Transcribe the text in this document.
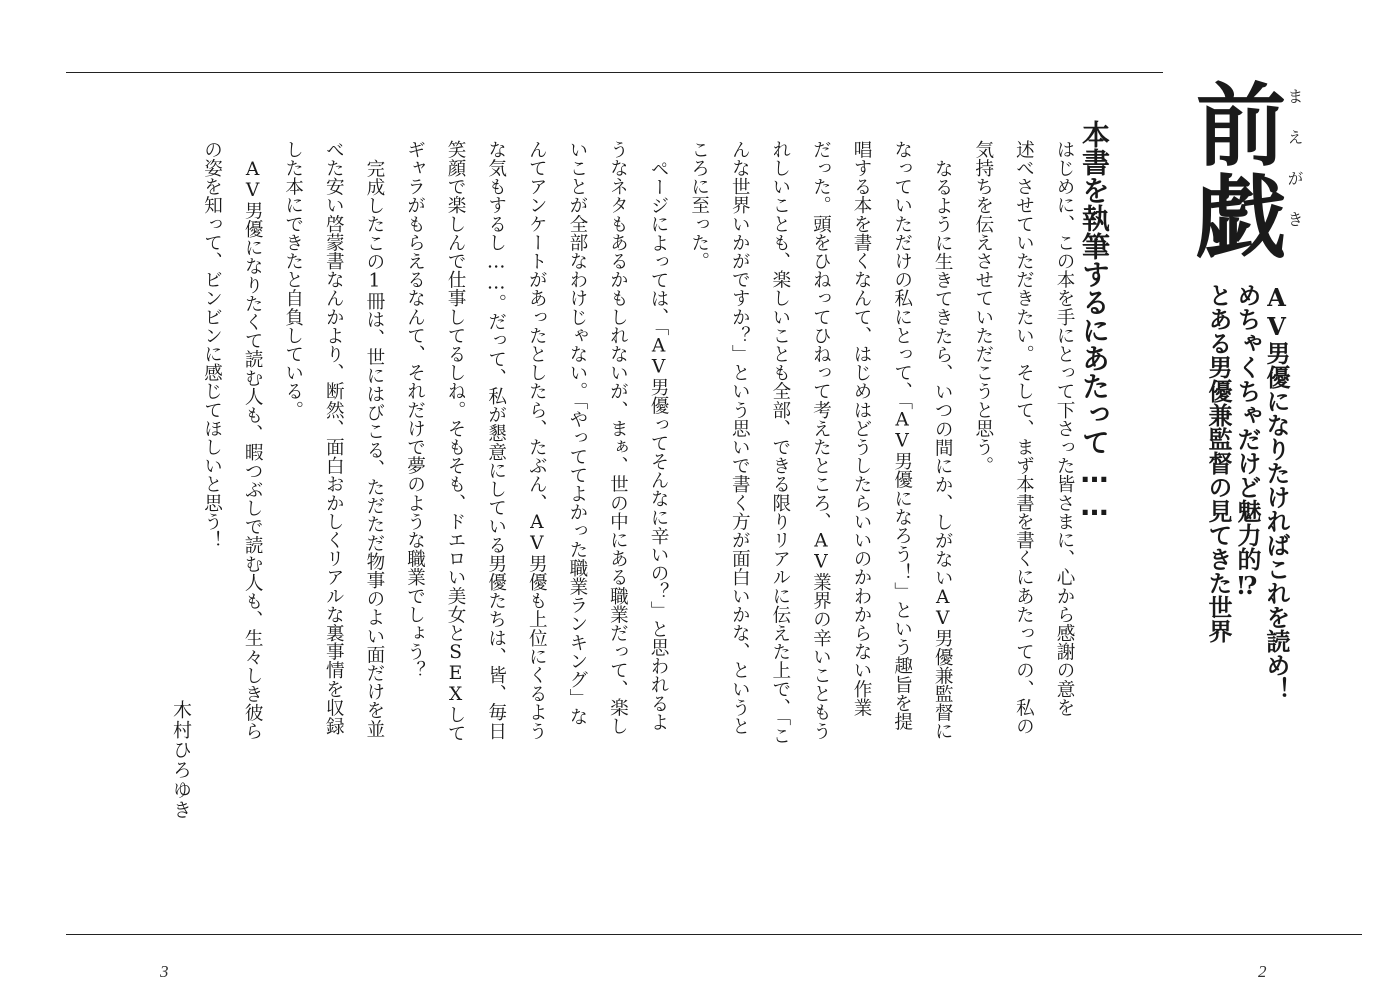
前
戯 まえがき
AV男優になりたければこれを読め！
めちゃくちゃだけど魅力的⁉
とある男優兼監督の見てきた世界
本書を執筆するにあたって……

はじめに、この本を手にとって下さった皆さまに、心から感謝の意を

述べさせていただきたい。そして、まず本書を書くにあたっての、私の

気持ちを伝えさせていただこうと思う。

なるように生きてきたら、いつの間にか、しがないAV男優兼監督に

なっていただけの私にとって、「AV男優になろう！」という趣旨を提

唱する本を書くなんて、はじめはどうしたらいいのかわからない作業

だった。頭をひねってひねって考えたところ、AV業界の辛いこともう

れしいことも、楽しいことも全部、できる限りリアルに伝えた上で、「こ

んな世界いかがですか？」という思いで書く方が面白いかな、というと

ころに至った。

ページによっては、「AV男優ってそんなに辛いの？」と思われるよ

うなネタもあるかもしれないが、まぁ、世の中にある職業だって、楽し

いことが全部なわけじゃない。「やっててよかった職業ランキング」な

んてアンケートがあったとしたら、たぶん、AV男優も上位にくるよう

な気もするし……。だって、私が懇意にしている男優たちは、皆、毎日

笑顔で楽しんで仕事してるしね。そもそも、ドエロい美女とSEXして

ギャラがもらえるなんて、それだけで夢のような職業でしょう？

完成したこの1冊は、世にはびこる、ただただ物事のよい面だけを並

べた安い啓蒙書なんかより、断然、面白おかしくリアルな裏事情を収録

した本にできたと自負している。

AV男優になりたくて読む人も、暇つぶしで読む人も、生々しき彼ら

の姿を知って、ビンビンに感じてほしいと思う！

木村ひろゆき
3	2
